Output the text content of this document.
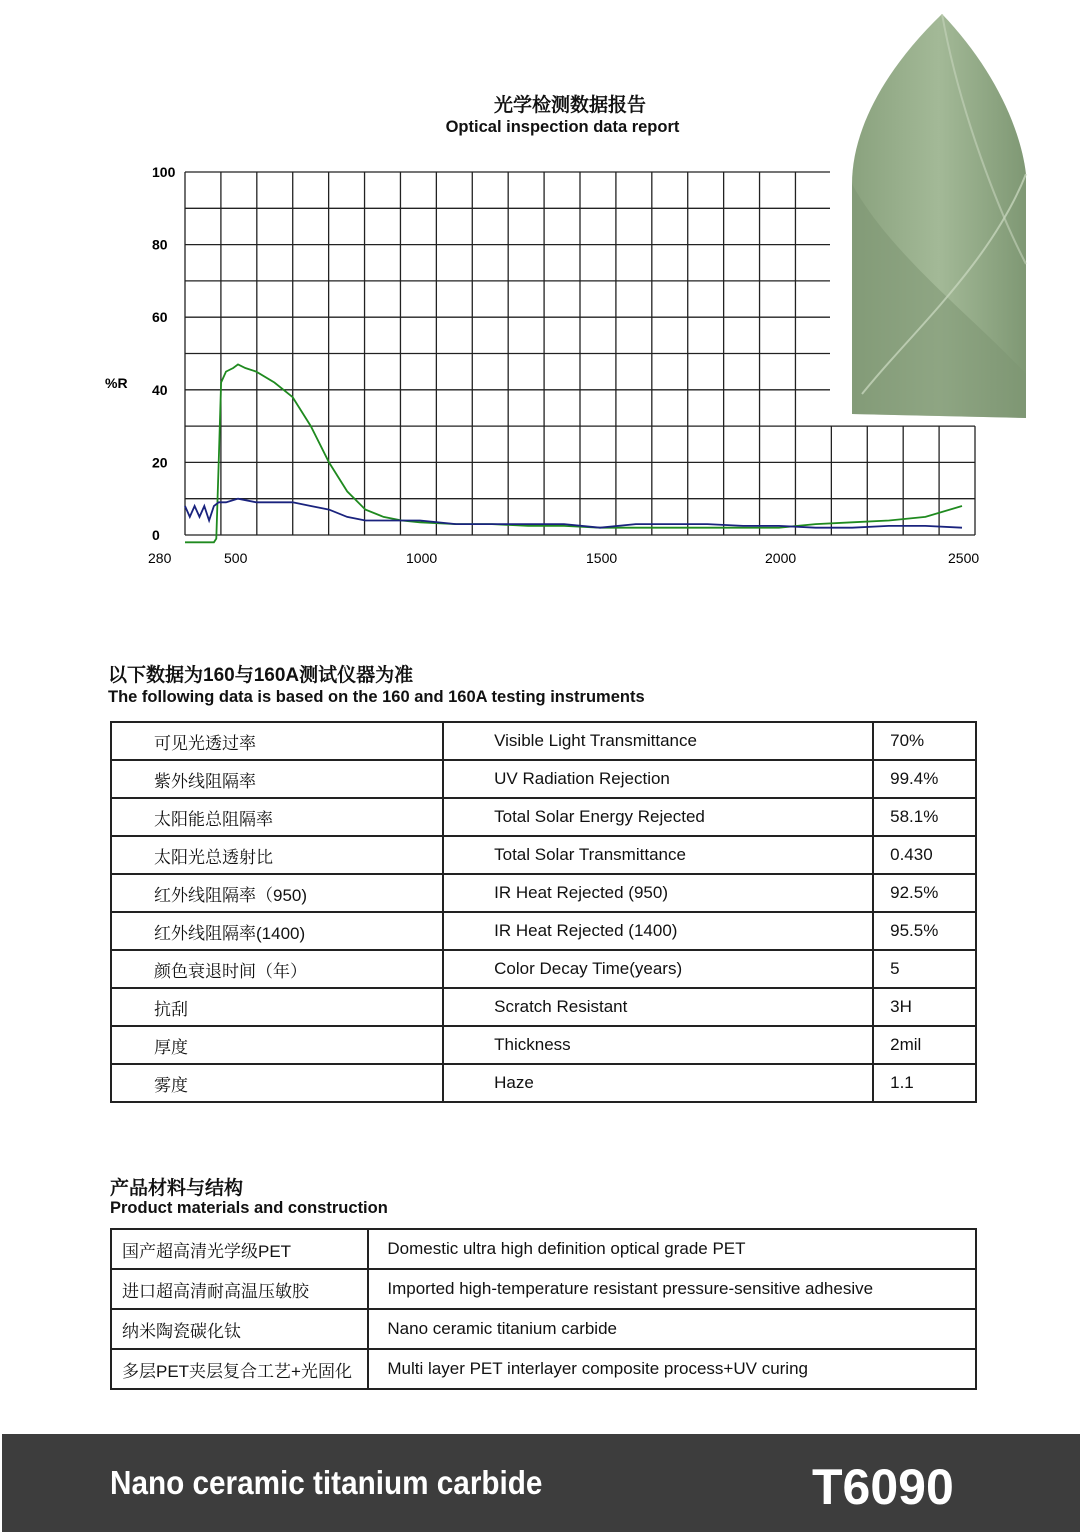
光学检测数据报告
Optical inspection data report
0
20
40
60
80
100
280	500	1000	1500	2000	2500
%R
以下数据为160与160A测试仪器为准
The following data is based on the 160 and 160A testing instruments
可见光透过率	Visible Light Transmittance	70%
紫外线阻隔率	UV Radiation Rejection	99.4%
太阳能总阻隔率	Total Solar Energy Rejected	58.1%
太阳光总透射比	Total Solar Transmittance	0.430
红外线阻隔率（950)	IR Heat Rejected (950)	92.5%
红外线阻隔率(1400)	IR Heat Rejected (1400)	95.5%
颜色衰退时间（年）	Color Decay Time(years)	5
抗刮	Scratch Resistant	3H
厚度	Thickness	2mil
雾度	Haze	1.1
产品材料与结构
Product materials and construction
国产超高清光学级PET	Domestic ultra high definition optical grade PET
进口超高清耐高温压敏胶	Imported high-temperature resistant pressure-sensitive adhesive
纳米陶瓷碳化钛	Nano ceramic titanium carbide
多层PET夹层复合工艺+光固化	Multi layer PET interlayer composite process+UV curing
Nano ceramic titanium carbide	T6090
